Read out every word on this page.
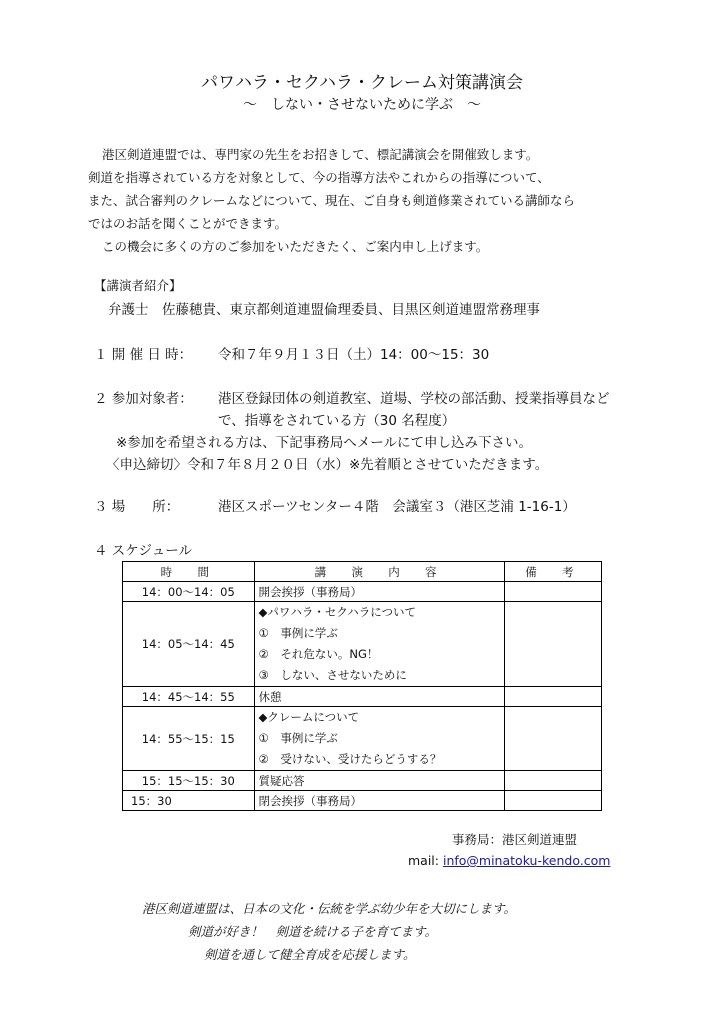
パワハラ・セクハラ・クレーム対策講演会
～　しない・させないために学ぶ　～
港区剣道連盟では、専門家の先生をお招きして、標記講演会を開催致します。
剣道を指導されている方を対象として、今の指導方法やこれからの指導について、
また、試合審判のクレームなどについて、現在、ご自身も剣道修業されている講師なら
ではのお話を聞くことができます。
この機会に多くの方のご参加をいただきたく、ご案内申し上げます。
【講演者紹介】
弁護士　佐藤穂貴、東京都剣道連盟倫理委員、目黒区剣道連盟常務理事
１ 開 催 日 時： 令和７年９月１３日（土）14：00～15：30
２ 参加対象者： 港区登録団体の剣道教室、道場、学校の部活動、授業指導員など
で、指導をされている方（30 名程度）
※参加を希望される方は、下記事務局へメールにて申し込み下さい。
〈申込締切〉令和７年８月２０日（水）※先着順とさせていただきます。
３ 場　　所：	港区スポーツセンター４階　会議室３（港区芝浦 1-16-1）
４ スケジュール
時　間	講　演　内　容	備　考
14：00～14：05	開会挨拶（事務局）	
14：05～14：45	◆パワハラ・セクハラについて
①　事例に学ぶ
②　それ危ない。NG！
③　しない、させないために	

14：45～14：55	休憩	
14：55～15：15	◆クレームについて
①　事例に学ぶ
②　受けない、受けたらどうする？	

15：15～15：30	質疑応答	
15：30	閉会挨拶（事務局）	
事務局：港区剣道連盟
mail: info@minatoku-kendo.com
港区剣道連盟は、日本の文化・伝統を学ぶ幼少年を大切にします。
剣道が好き！　剣道を続ける子を育てます。
剣道を通して健全育成を応援します。
